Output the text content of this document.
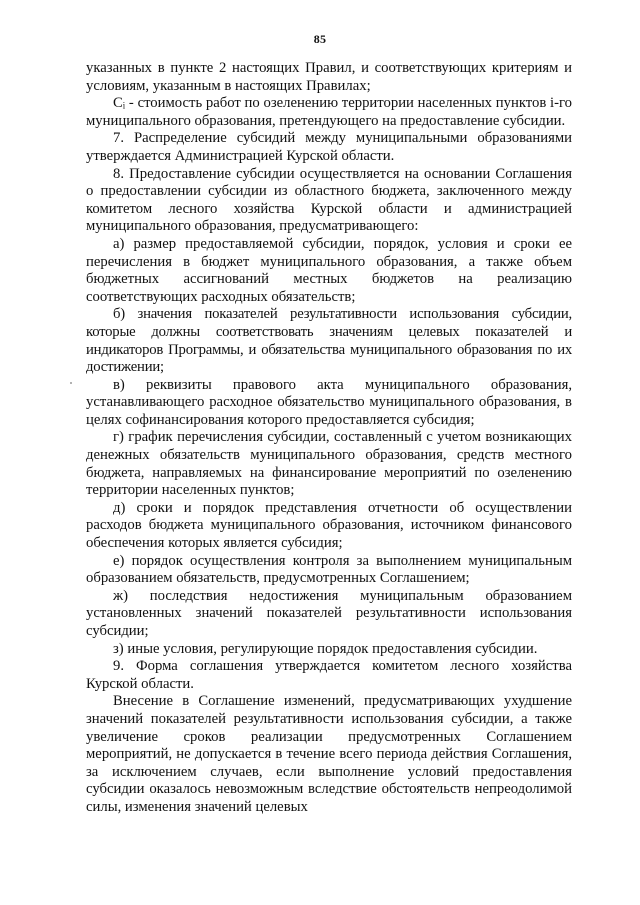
85

указанных в пункте 2 настоящих Правил, и соответствующих критериям и условиям, указанным в настоящих Правилах;

Cᵢ - стоимость работ по озеленению территории населенных пунктов i-го муниципального образования, претендующего на предоставление субсидии.

7. Распределение субсидий между муниципальными образованиями утверждается Администрацией Курской области.

8. Предоставление субсидии осуществляется на основании Соглашения о предоставлении субсидии из областного бюджета, заключенного между комитетом лесного хозяйства Курской области и администрацией муниципального образования, предусматривающего:

а) размер предоставляемой субсидии, порядок, условия и сроки ее перечисления в бюджет муниципального образования, а также объем бюджетных ассигнований местных бюджетов на реализацию соответствующих расходных обязательств;

б) значения показателей результативности использования субсидии, которые должны соответствовать значениям целевых показателей и индикаторов Программы, и обязательства муниципального образования по их достижении;

в) реквизиты правового акта муниципального образования, устанавливающего расходное обязательство муниципального образования, в целях софинансирования которого предоставляется субсидия;

г) график перечисления субсидии, составленный с учетом возникающих денежных обязательств муниципального образования, средств местного бюджета, направляемых на финансирование мероприятий по озеленению территории населенных пунктов;

д) сроки и порядок представления отчетности об осуществлении расходов бюджета муниципального образования, источником финансового обеспечения которых является субсидия;

е) порядок осуществления контроля за выполнением муниципальным образованием обязательств, предусмотренных Соглашением;

ж) последствия недостижения муниципальным образованием установленных значений показателей результативности использования субсидии;

з) иные условия, регулирующие порядок предоставления субсидии.

9. Форма соглашения утверждается комитетом лесного хозяйства Курской области.

Внесение в Соглашение изменений, предусматривающих ухудшение значений показателей результативности использования субсидии, а также увеличение сроков реализации предусмотренных Соглашением мероприятий, не допускается в течение всего периода действия Соглашения, за исключением случаев, если выполнение условий предоставления субсидии оказалось невозможным вследствие обстоятельств непреодолимой силы, изменения значений целевых
